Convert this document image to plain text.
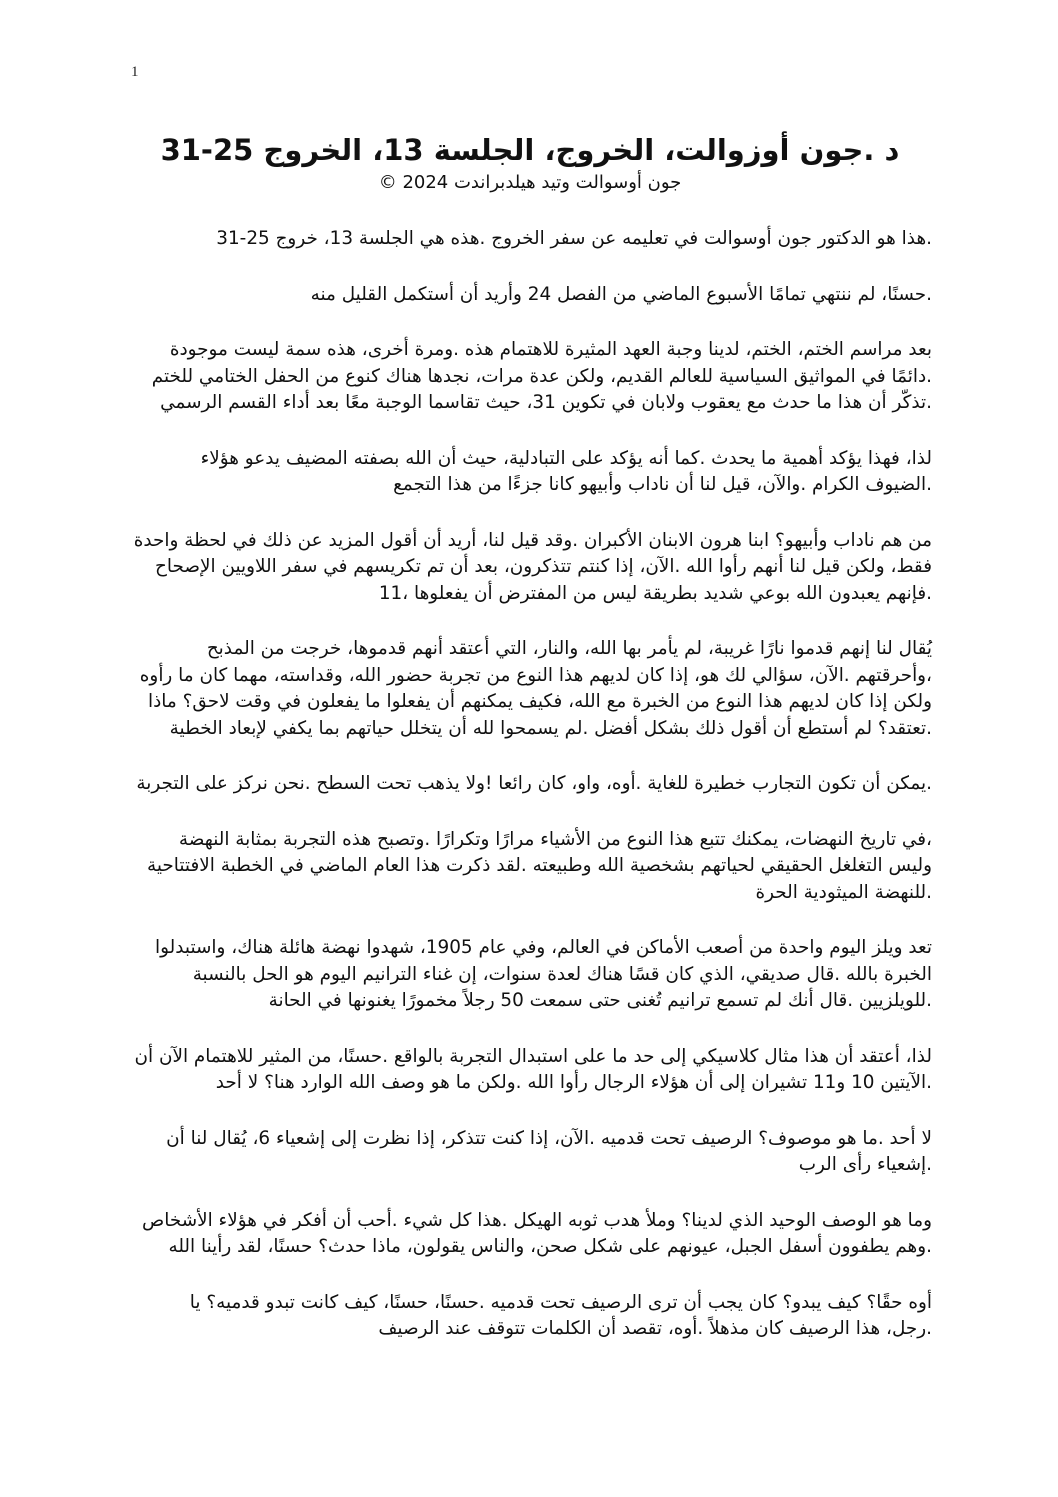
1
د .جون أوزوالت، الخروج، الجلسة 13، الخروج 25-31

جون أوسوالت وتيد هيلدبراندت 2024 ©

.هذا هو الدكتور جون أوسوالت في تعليمه عن سفر الخروج .هذه هي الجلسة 13، خروج 25-31

.حسنًا، لم ننتهي تمامًا الأسبوع الماضي من الفصل 24 وأريد أن أستكمل القليل منه

بعد مراسم الختم، الختم، لدينا وجبة العهد المثيرة للاهتمام هذه .ومرة أخرى، هذه سمة ليست موجودة
.دائمًا في المواثيق السياسية للعالم القديم، ولكن عدة مرات، نجدها هناك كنوع من الحفل الختامي للختم
.تذكّر أن هذا ما حدث مع يعقوب ولابان في تكوين 31، حيث تقاسما الوجبة معًا بعد أداء القسم الرسمي

لذا، فهذا يؤكد أهمية ما يحدث .كما أنه يؤكد على التبادلية، حيث أن الله بصفته المضيف يدعو هؤلاء
.الضيوف الكرام .والآن، قيل لنا أن ناداب وأبيهو كانا جزءًا من هذا التجمع

من هم ناداب وأبيهو؟ ابنا هرون الابنان الأكبران .وقد قيل لنا، أريد أن أقول المزيد عن ذلك في لحظة واحدة
فقط، ولكن قيل لنا أنهم رأوا الله .الآن، إذا كنتم تتذكرون، بعد أن تم تكريسهم في سفر اللاويين الإصحاح
.فإنهم يعبدون الله بوعي شديد بطريقة ليس من المفترض أن يفعلوها ،11

يُقال لنا إنهم قدموا نارًا غريبة، لم يأمر بها الله، والنار، التي أعتقد أنهم قدموها، خرجت من المذبح
،وأحرقتهم .الآن، سؤالي لك هو، إذا كان لديهم هذا النوع من تجربة حضور الله، وقداسته، مهما كان ما رأوه
ولكن إذا كان لديهم هذا النوع من الخبرة مع الله، فكيف يمكنهم أن يفعلوا ما يفعلون في وقت لاحق؟ ماذا
.تعتقد؟ لم أستطع أن أقول ذلك بشكل أفضل .لم يسمحوا لله أن يتخلل حياتهم بما يكفي لإبعاد الخطية

.يمكن أن تكون التجارب خطيرة للغاية .أوه، واو، كان رائعا !ولا يذهب تحت السطح .نحن نركز على التجربة

،في تاريخ النهضات، يمكنك تتبع هذا النوع من الأشياء مرارًا وتكرارًا .وتصبح هذه التجربة بمثابة النهضة
وليس التغلغل الحقيقي لحياتهم بشخصية الله وطبيعته .لقد ذكرت هذا العام الماضي في الخطبة الافتتاحية
.للنهضة الميثودية الحرة

تعد ويلز اليوم واحدة من أصعب الأماكن في العالم، وفي عام 1905، شهدوا نهضة هائلة هناك، واستبدلوا
الخبرة بالله .قال صديقي، الذي كان قسًا هناك لعدة سنوات، إن غناء الترانيم اليوم هو الحل بالنسبة
.للويلزيين .قال أنك لم تسمع ترانيم تُغنى حتى سمعت 50 رجلاً مخمورًا يغنونها في الحانة

لذا، أعتقد أن هذا مثال كلاسيكي إلى حد ما على استبدال التجربة بالواقع .حسنًا، من المثير للاهتمام الآن أن
.الآيتين 10 و11 تشيران إلى أن هؤلاء الرجال رأوا الله .ولكن ما هو وصف الله الوارد هنا؟ لا أحد

لا أحد .ما هو موصوف؟ الرصيف تحت قدميه .الآن، إذا كنت تتذكر، إذا نظرت إلى إشعياء 6، يُقال لنا أن
.إشعياء رأى الرب

وما هو الوصف الوحيد الذي لدينا؟ وملأ هدب ثوبه الهيكل .هذا كل شيء .أحب أن أفكر في هؤلاء الأشخاص
.وهم يطفوون أسفل الجبل، عيونهم على شكل صحن، والناس يقولون، ماذا حدث؟ حسنًا، لقد رأينا الله

أوه حقًا؟ كيف يبدو؟ كان يجب أن ترى الرصيف تحت قدميه .حسنًا، حسنًا، كيف كانت تبدو قدميه؟ يا
.رجل، هذا الرصيف كان مذهلاً .أوه، تقصد أن الكلمات تتوقف عند الرصيف
